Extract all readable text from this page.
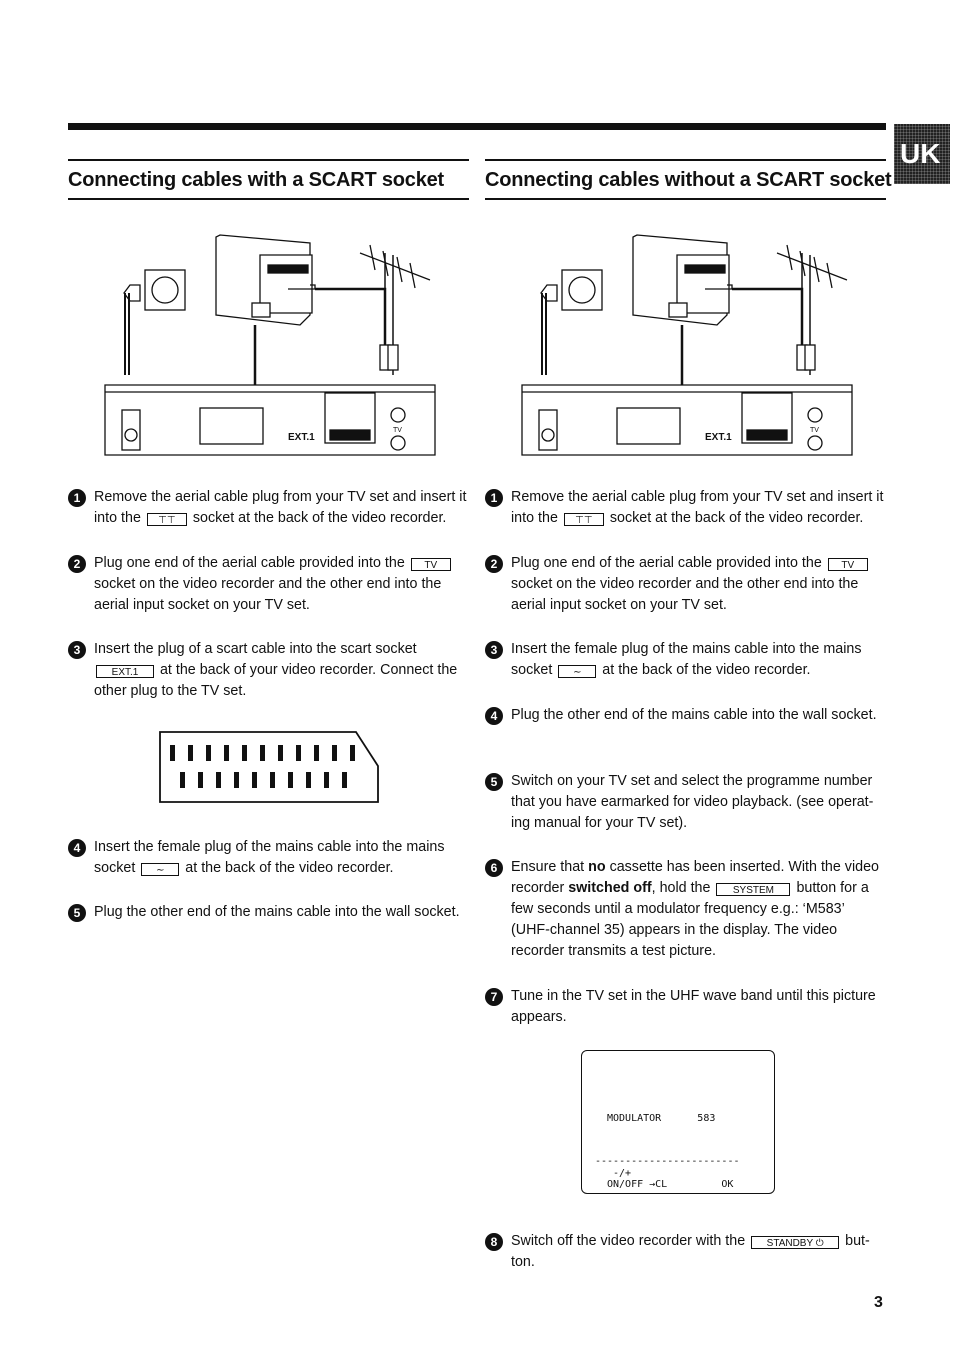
UK
Connecting cables with a SCART socket	Connecting cables without a SCART socket
EXT.1
TV
EXT.1
TV
1 Remove the aerial cable plug from your TV set and insert it into the ⊤⊤ socket at the back of the video recorder.
2 Plug one end of the aerial cable provided into the TV socket on the video recorder and the other end into the aerial input socket on your TV set.
3 Insert the plug of a scart cable into the scart socket EXT.1 at the back of your video recorder. Connect the other plug to the TV set.
4 Insert the female plug of the mains cable into the mains socket ∼ at the back of the video recorder.
5 Plug the other end of the mains cable into the wall socket.
1 Remove the aerial cable plug from your TV set and insert it into the ⊤⊤ socket at the back of the video recorder.
2 Plug one end of the aerial cable provided into the TV socket on the video recorder and the other end into the aerial input socket on your TV set.
3 Insert the female plug of the mains cable into the mains socket ∼ at the back of the video recorder.
4 Plug the other end of the mains cable into the wall socket.
5 Switch on your TV set and select the programme number that you have earmarked for video playback. (see operat-ing manual for your TV set).
6 Ensure that no cassette has been inserted. With the video recorder switched off, hold the SYSTEM button for a few seconds until a modulator frequency e.g.: ‘M583’ (UHF-channel 35) appears in the display. The video recorder transmits a test picture.
7 Tune in the TV set in the UHF wave band until this picture appears.
MODULATOR      583
------------------------
-/+
ON/OFF →CL         OK
8 Switch off the video recorder with the STANDBY ⏻ but-ton.
3
